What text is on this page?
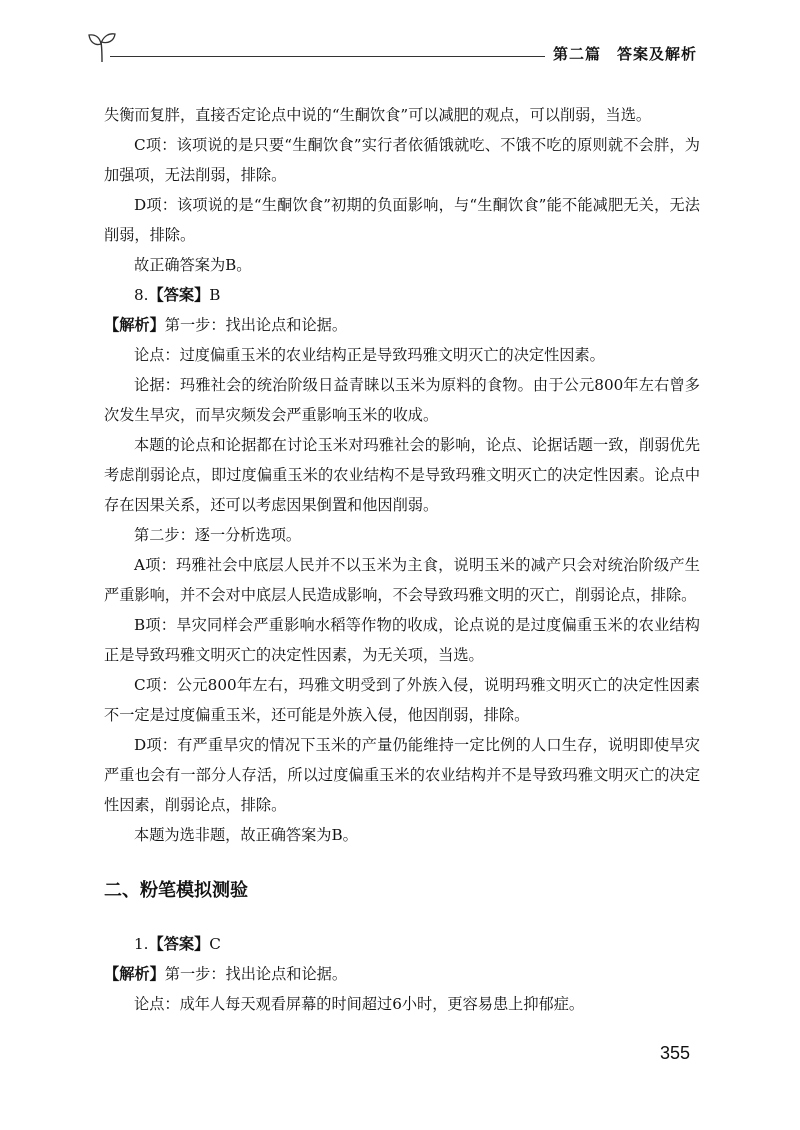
第二篇　答案及解析

失衡而复胖，直接否定论点中说的“生酮饮食”可以减肥的观点，可以削弱，当选。

C项：该项说的是只要“生酮饮食”实行者依循饿就吃、不饿不吃的原则就不会胖，为加强项，无法削弱，排除。

D项：该项说的是“生酮饮食”初期的负面影响，与“生酮饮食”能不能减肥无关，无法削弱，排除。

故正确答案为B。

8.【答案】B

【解析】第一步：找出论点和论据。

论点：过度偏重玉米的农业结构正是导致玛雅文明灭亡的决定性因素。

论据：玛雅社会的统治阶级日益青睐以玉米为原料的食物。由于公元800年左右曾多次发生旱灾，而旱灾频发会严重影响玉米的收成。

本题的论点和论据都在讨论玉米对玛雅社会的影响，论点、论据话题一致，削弱优先考虑削弱论点，即过度偏重玉米的农业结构不是导致玛雅文明灭亡的决定性因素。论点中存在因果关系，还可以考虑因果倒置和他因削弱。

第二步：逐一分析选项。

A项：玛雅社会中底层人民并不以玉米为主食，说明玉米的减产只会对统治阶级产生严重影响，并不会对中底层人民造成影响，不会导致玛雅文明的灭亡，削弱论点，排除。

B项：旱灾同样会严重影响水稻等作物的收成，论点说的是过度偏重玉米的农业结构正是导致玛雅文明灭亡的决定性因素，为无关项，当选。

C项：公元800年左右，玛雅文明受到了外族入侵，说明玛雅文明灭亡的决定性因素不一定是过度偏重玉米，还可能是外族入侵，他因削弱，排除。

D项：有严重旱灾的情况下玉米的产量仍能维持一定比例的人口生存，说明即使旱灾严重也会有一部分人存活，所以过度偏重玉米的农业结构并不是导致玛雅文明灭亡的决定性因素，削弱论点，排除。

本题为选非题，故正确答案为B。

二、粉笔模拟测验

1.【答案】C

【解析】第一步：找出论点和论据。

论点：成年人每天观看屏幕的时间超过6小时，更容易患上抑郁症。

355
